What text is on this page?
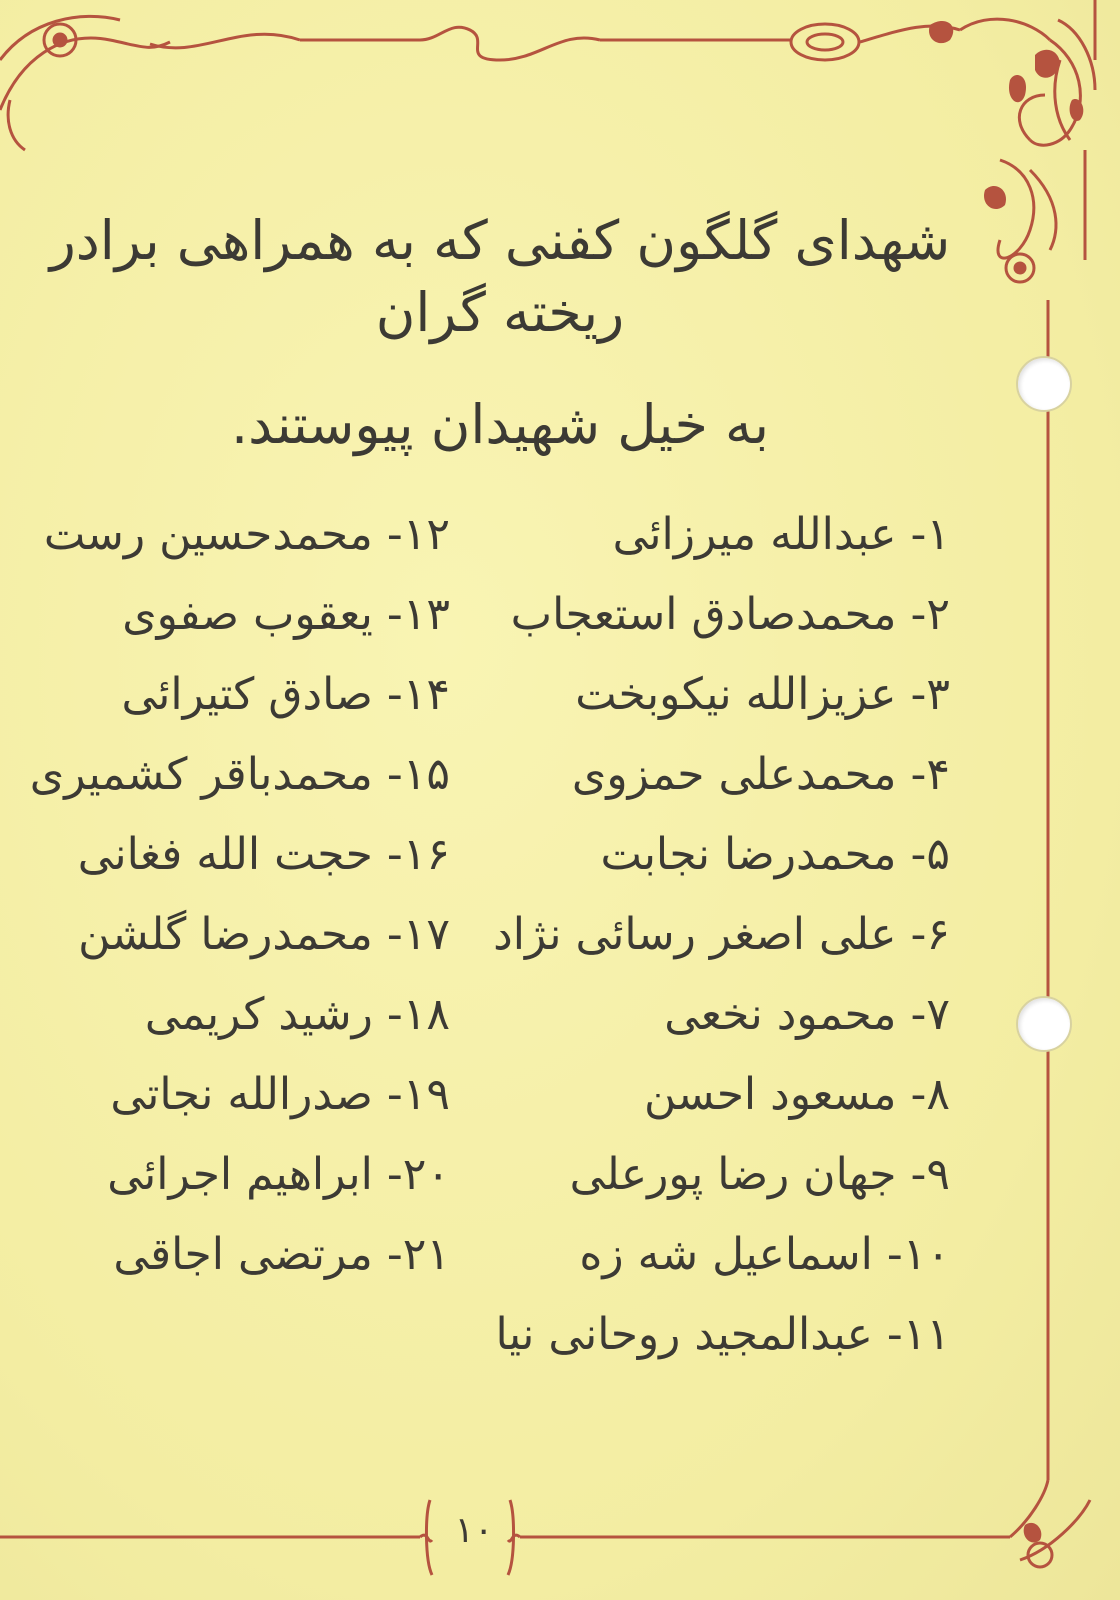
شهدای گلگون کفنی که به همراهی برادر ریخته گران
به خیل شهیدان پیوستند.
۱- عبدالله میرزائی
۲- محمدصادق استعجاب
۳- عزیزالله نیکوبخت
۴- محمدعلی حمزوی
۵- محمدرضا نجابت
۶- علی اصغر رسائی نژاد
۷- محمود نخعی
۸- مسعود احسن
۹- جهان رضا پورعلی
۱۰- اسماعیل شه زه
۱۱- عبدالمجید روحانی نیا
۱۲- محمدحسین رست
۱۳- یعقوب صفوی
۱۴- صادق کتیرائی
۱۵- محمدباقر کشمیری
۱۶- حجت الله فغانی
۱۷- محمدرضا گلشن
۱۸- رشید کریمی
۱۹- صدرالله نجاتی
۲۰- ابراهیم اجرائی
۲۱- مرتضی اجاقی
۱۰
